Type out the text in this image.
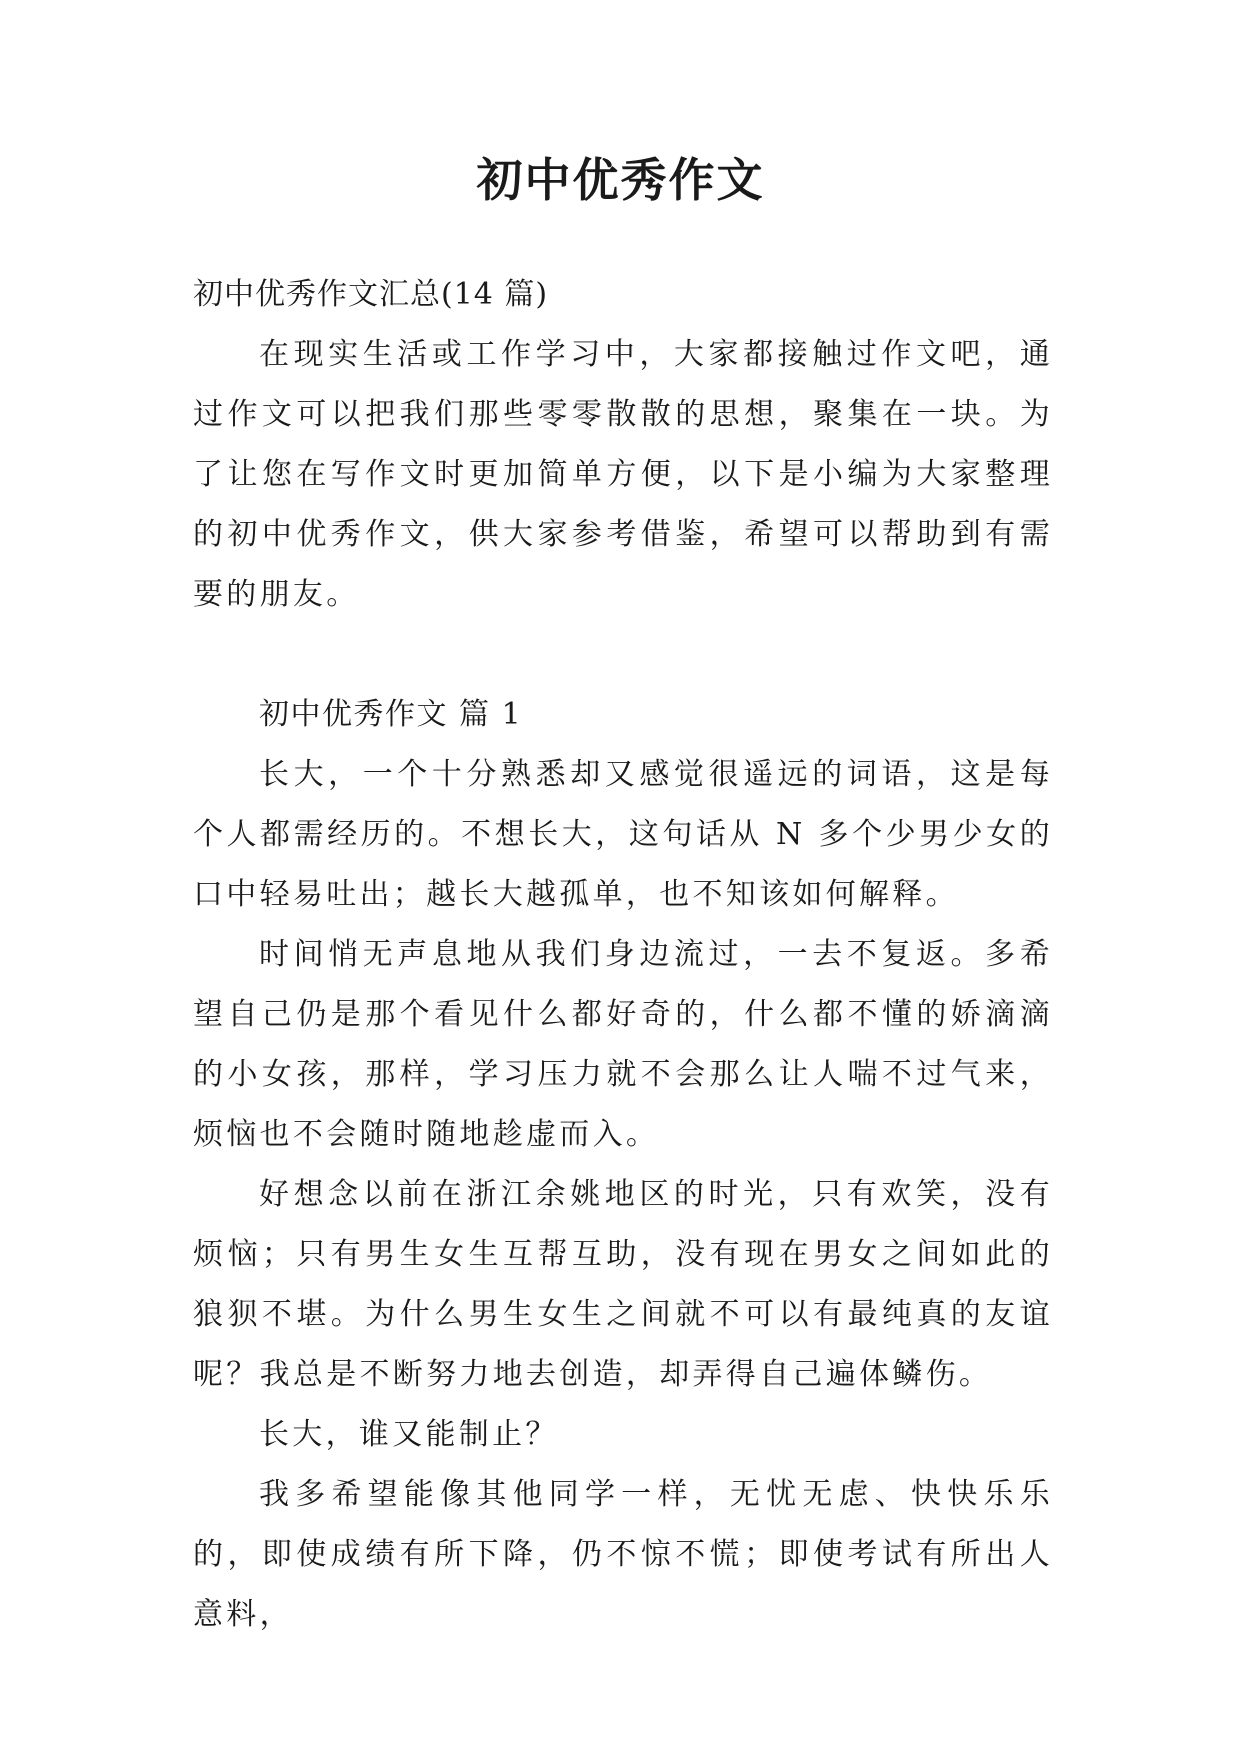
初中优秀作文

初中优秀作文汇总(14 篇)

在现实生活或工作学习中，大家都接触过作文吧，通过作文可以把我们那些零零散散的思想，聚集在一块。为了让您在写作文时更加简单方便，以下是小编为大家整理的初中优秀作文，供大家参考借鉴，希望可以帮助到有需要的朋友。

初中优秀作文 篇 1

长大，一个十分熟悉却又感觉很遥远的词语，这是每个人都需经历的。不想长大，这句话从 N 多个少男少女的口中轻易吐出；越长大越孤单，也不知该如何解释。

时间悄无声息地从我们身边流过，一去不复返。多希望自己仍是那个看见什么都好奇的，什么都不懂的娇滴滴的小女孩，那样，学习压力就不会那么让人喘不过气来，烦恼也不会随时随地趁虚而入。

好想念以前在浙江余姚地区的时光，只有欢笑，没有烦恼；只有男生女生互帮互助，没有现在男女之间如此的狼狈不堪。为什么男生女生之间就不可以有最纯真的友谊呢？我总是不断努力地去创造，却弄得自己遍体鳞伤。

长大，谁又能制止？

我多希望能像其他同学一样，无忧无虑、快快乐乐的，即使成绩有所下降，仍不惊不慌；即使考试有所出人意料，
